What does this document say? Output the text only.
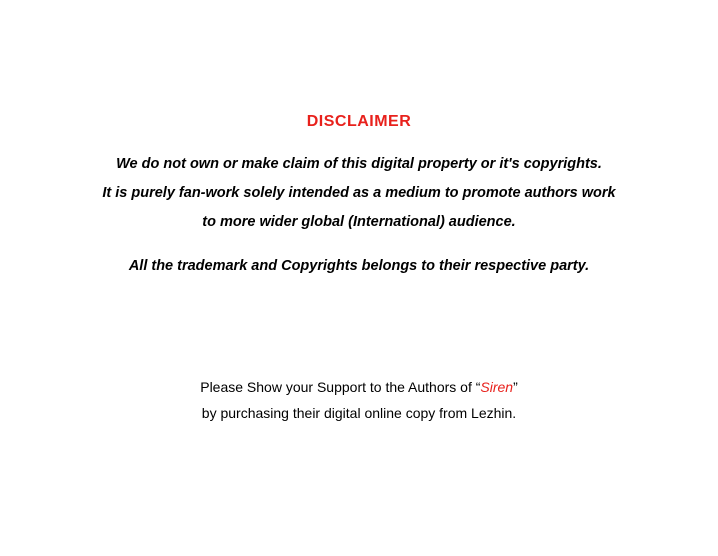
DISCLAIMER
We do not own or make claim of this digital property or it's copyrights.
It is purely fan-work solely intended as a medium to promote authors work
to more wider global (International) audience.
All the trademark and Copyrights belongs to their respective party.
Please Show your Support to the Authors of “Siren”
by purchasing their digital online copy from Lezhin.
